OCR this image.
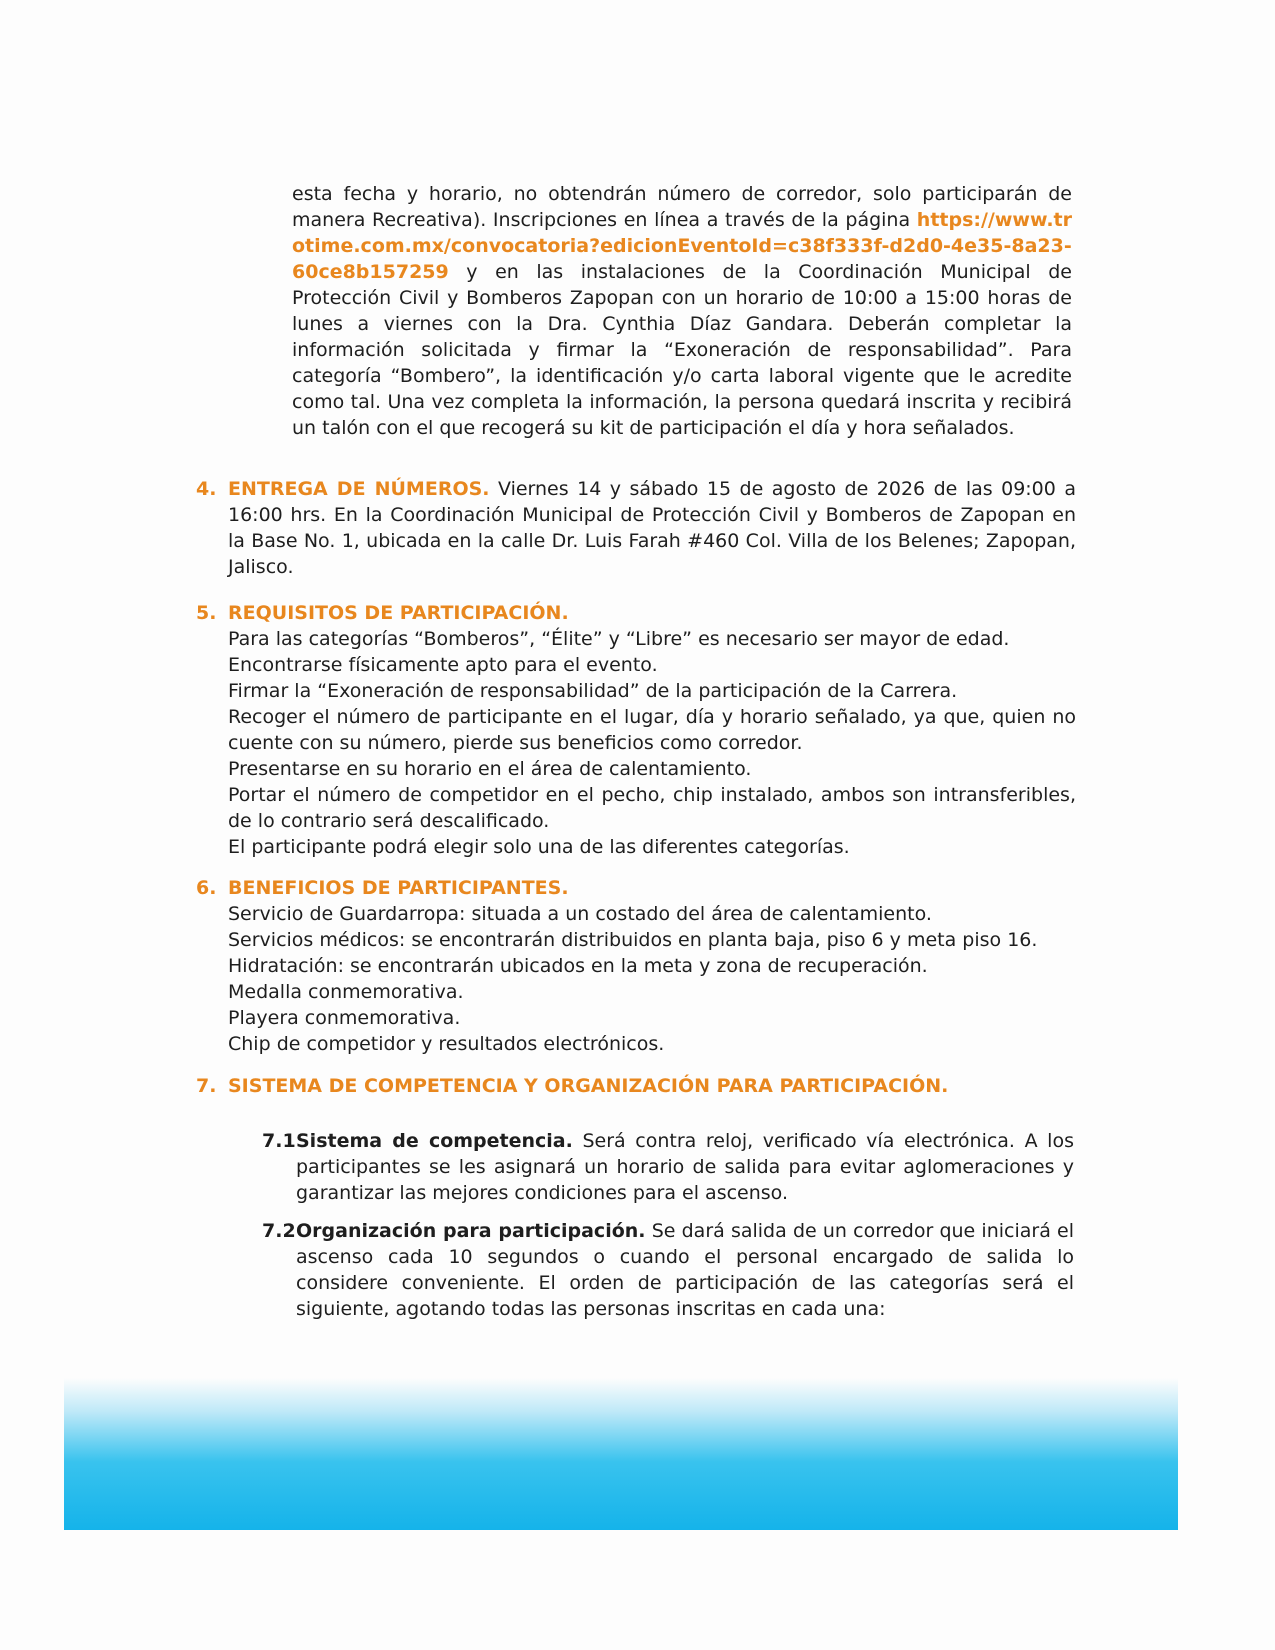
esta fecha y horario, no obtendrán número de corredor, solo participarán de manera Recreativa). Inscripciones en línea a través de la página https://www.trotime.com.mx/convocatoria?edicionEventoId=c38f333f-d2d0-4e35-8a23-60ce8b157259 y en las instalaciones de la Coordinación Municipal de Protección Civil y Bomberos Zapopan con un horario de 10:00 a 15:00 horas de lunes a viernes con la Dra. Cynthia Díaz Gandara. Deberán completar la información solicitada y firmar la “Exoneración de responsabilidad”. Para categoría “Bombero”, la identificación y/o carta laboral vigente que le acredite como tal. Una vez completa la información, la persona quedará inscrita y recibirá un talón con el que recogerá su kit de participación el día y hora señalados.

4. ENTREGA DE NÚMEROS. Viernes 14 y sábado 15 de agosto de 2026 de las 09:00 a 16:00 hrs. En la Coordinación Municipal de Protección Civil y Bomberos de Zapopan en la Base No. 1, ubicada en la calle Dr. Luis Farah #460 Col. Villa de los Belenes; Zapopan, Jalisco.
5. REQUISITOS DE PARTICIPACIÓN.
Para las categorías “Bomberos”, “Élite” y “Libre” es necesario ser mayor de edad.
Encontrarse físicamente apto para el evento.
Firmar la “Exoneración de responsabilidad” de la participación de la Carrera.
Recoger el número de participante en el lugar, día y horario señalado, ya que, quien no cuente con su número, pierde sus beneficios como corredor.
Presentarse en su horario en el área de calentamiento.
Portar el número de competidor en el pecho, chip instalado, ambos son intransferibles, de lo contrario será descalificado.
El participante podrá elegir solo una de las diferentes categorías.
6. BENEFICIOS DE PARTICIPANTES.
Servicio de Guardarropa: situada a un costado del área de calentamiento.
Servicios médicos: se encontrarán distribuidos en planta baja, piso 6 y meta piso 16. Hidratación: se encontrarán ubicados en la meta y zona de recuperación.
Medalla conmemorativa.
Playera conmemorativa.
Chip de competidor y resultados electrónicos.
7. SISTEMA DE COMPETENCIA Y ORGANIZACIÓN PARA PARTICIPACIÓN.
7.1 Sistema de competencia. Será contra reloj, verificado vía electrónica. A los participantes se les asignará un horario de salida para evitar aglomeraciones y garantizar las mejores condiciones para el ascenso.
7.2 Organización para participación. Se dará salida de un corredor que iniciará el ascenso cada 10 segundos o cuando el personal encargado de salida lo considere conveniente. El orden de participación de las categorías será el siguiente, agotando todas las personas inscritas en cada una:
